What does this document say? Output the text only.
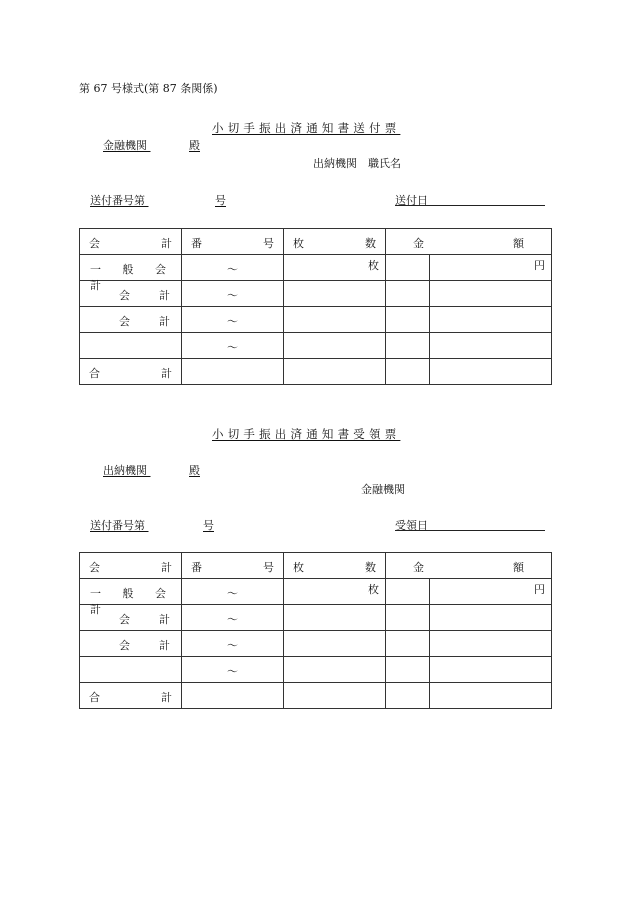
第 67 号様式(第 87 条関係)
小切手振出済通知書送付票
金融機関	殿
出納機関　職氏名
送付番号第	号	送付日
会 計	番 号	枚 数	金 額	

一 般 会 計	～	枚		円

会　計	～			

会　計	～			

	～			

合 計				

小切手振出済通知書受領票
出納機関	殿
金融機関
送付番号第	号	受領日
会 計	番 号	枚 数	金 額	

一 般 会 計	～	枚		円

会　計	～			

会　計	～			

	～			

合 計				
